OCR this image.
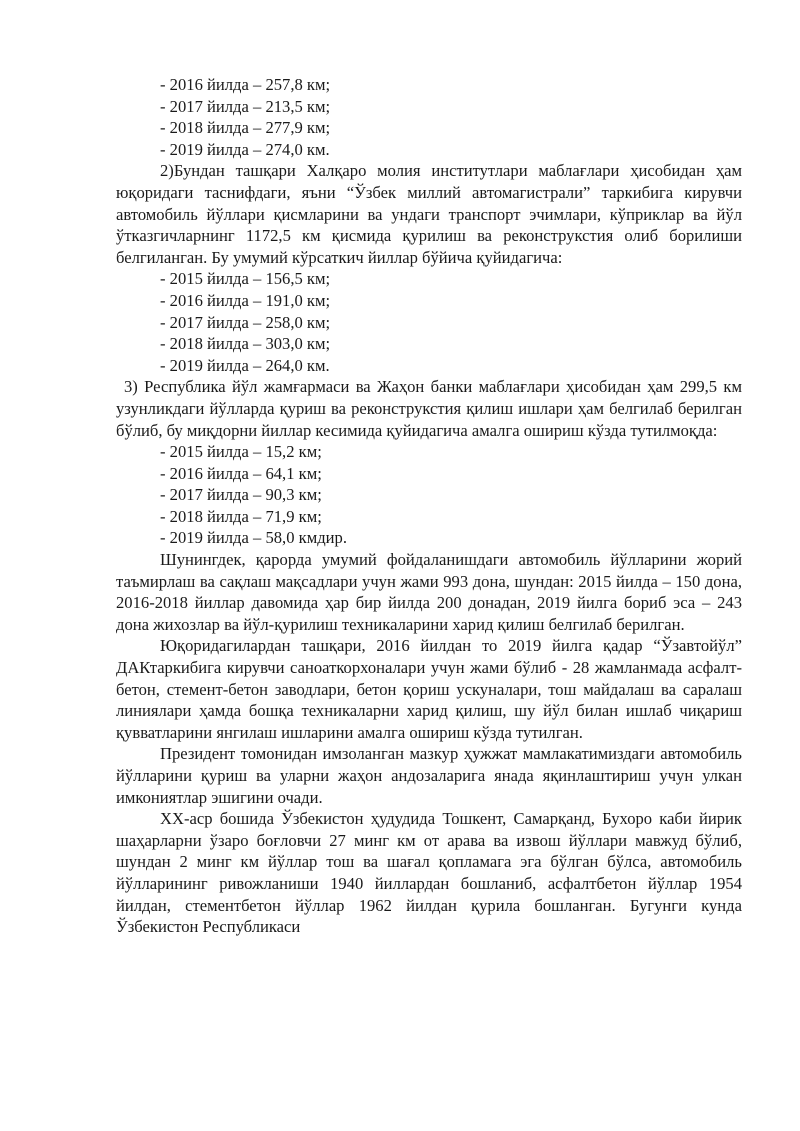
- 2016 йилда – 257,8 км;
- 2017 йилда – 213,5 км;
- 2018 йилда – 277,9 км;
- 2019 йилда – 274,0 км.

2)Бундан ташқари Халқаро молия институтлари маблағлари ҳисобидан ҳам юқоридаги таснифдаги, яъни “Ўзбек миллий автомагистрали” таркибига кирувчи автомобиль йўллари қисмларини ва ундаги транспорт эчимлари, кўприклар ва йўл ўтказгичларнинг 1172,5 км қисмида қурилиш ва реконструкстия олиб борилиши белгиланган. Бу умумий кўрсаткич йиллар бўйича қуйидагича:

- 2015 йилда – 156,5 км;
- 2016 йилда – 191,0 км;
- 2017 йилда – 258,0 км;
- 2018 йилда – 303,0 км;
- 2019 йилда – 264,0 км.

3) Республика йўл жамғармаси ва Жаҳон банки маблағлари ҳисобидан ҳам 299,5 км узунликдаги йўлларда қуриш ва реконструкстия қилиш ишлари ҳам белгилаб берилган бўлиб, бу миқдорни йиллар кесимида қуйидагича амалга ошириш кўзда тутилмоқда:

- 2015 йилда – 15,2 км;
- 2016 йилда – 64,1 км;
- 2017 йилда – 90,3 км;
- 2018 йилда – 71,9 км;
- 2019 йилда – 58,0 кмдир.

Шунингдек, қарорда умумий фойдаланишдаги автомобиль йўлларини жорий таъмирлаш ва сақлаш мақсадлари учун жами 993 дона, шундан: 2015 йилда – 150 дона, 2016-2018 йиллар давомида ҳар бир йилда 200 донадан, 2019 йилга бориб эса – 243 дона жихозлар ва йўл-қурилиш техникаларини харид қилиш белгилаб берилган.

Юқоридагилардан ташқари, 2016 йилдан то 2019 йилга қадар “Ўзавтойўл” ДАКтаркибига кирувчи саноаткорхоналари учун жами бўлиб - 28 жамланмада асфалт-бетон, стемент-бетон заводлари, бетон қориш ускуналари, тош майдалаш ва саралаш линиялари ҳамда бошқа техникаларни харид қилиш, шу йўл билан ишлаб чиқариш қувватларини янгилаш ишларини амалга ошириш кўзда тутилган.

Президент томонидан имзоланган мазкур ҳужжат мамлакатимиздаги автомобиль йўлларини қуриш ва уларни жаҳон андозаларига янада яқинлаштириш учун улкан имкониятлар эшигини очади.

XX-аср бошида Ўзбекистон ҳудудида Тошкент, Самарқанд, Бухоро каби йирик шаҳарларни ўзаро боғловчи 27 минг км от арава ва извош йўллари мавжуд бўлиб, шундан 2 минг км йўллар тош ва шағал қопламага эга бўлган бўлса, автомобиль йўлларининг ривожланиши 1940 йиллардан бошланиб, асфалтбетон йўллар 1954 йилдан, стементбетон йўллар 1962 йилдан қурила бошланган. Бугунги кунда Ўзбекистон Республикаси
